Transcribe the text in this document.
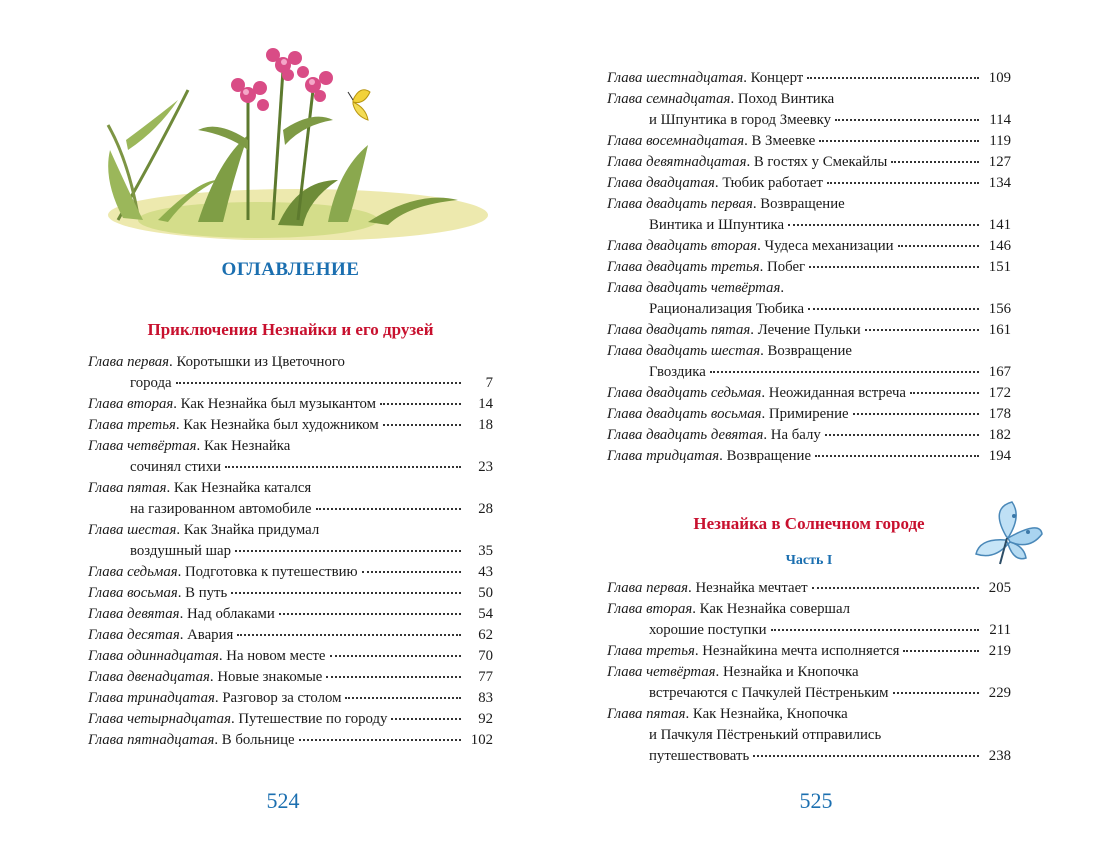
ОГЛАВЛЕНИЕ
Приключения Незнайки и его друзей
Глава первая. Коротышки из Цветочного
города	7
Глава вторая. Как Незнайка был музыкантом	14
Глава третья. Как Незнайка был художником	18
Глава четвёртая. Как Незнайка
сочинял стихи	23
Глава пятая. Как Незнайка катался
на газированном автомобиле	28
Глава шестая. Как Знайка придумал
воздушный шар	35
Глава седьмая. Подготовка к путешествию	43
Глава восьмая. В путь	50
Глава девятая. Над облаками	54
Глава десятая. Авария	62
Глава одиннадцатая. На новом месте	70
Глава двенадцатая. Новые знакомые	77
Глава тринадцатая. Разговор за столом	83
Глава четырнадцатая. Путешествие по городу	92
Глава пятнадцатая. В больнице	102
524
Глава шестнадцатая. Концерт	109
Глава семнадцатая. Поход Винтика
и Шпунтика в город Змеевку	114
Глава восемнадцатая. В Змеевке	119
Глава девятнадцатая. В гостях у Смекайлы	127
Глава двадцатая. Тюбик работает	134
Глава двадцать первая. Возвращение
Винтика и Шпунтика	141
Глава двадцать вторая. Чудеса механизации	146
Глава двадцать третья. Побег	151
Глава двадцать четвёртая.
Рационализация Тюбика	156
Глава двадцать пятая. Лечение Пульки	161
Глава двадцать шестая. Возвращение
Гвоздика	167
Глава двадцать седьмая. Неожиданная встреча	172
Глава двадцать восьмая. Примирение	178
Глава двадцать девятая. На балу	182
Глава тридцатая. Возвращение	194
Незнайка в Солнечном городе
Часть I
Глава первая. Незнайка мечтает	205
Глава вторая. Как Незнайка совершал
хорошие поступки	211
Глава третья. Незнайкина мечта исполняется	219
Глава четвёртая. Незнайка и Кнопочка
встречаются с Пачкулей Пёстреньким	229
Глава пятая. Как Незнайка, Кнопочка
и Пачкуля Пёстренький отправились
путешествовать	238
525
